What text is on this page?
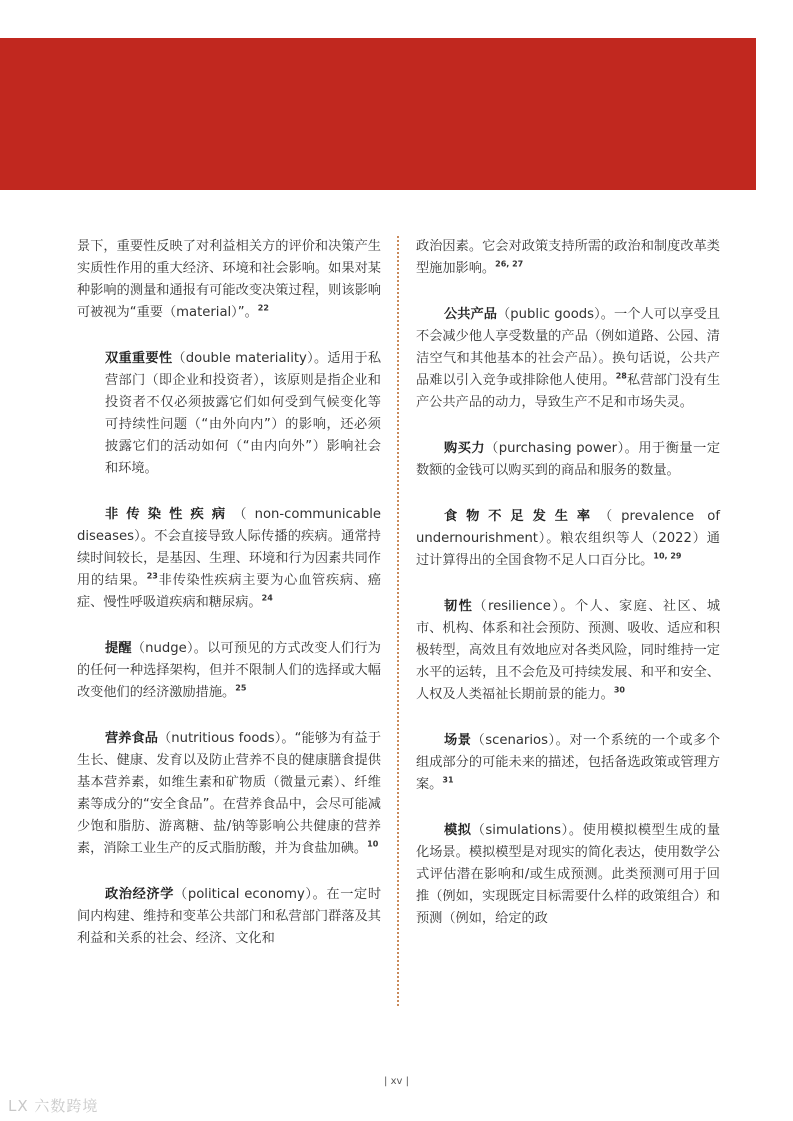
景下，重要性反映了对利益相关方的评价和决策产生实质性作用的重大经济、环境和社会影响。如果对某种影响的测量和通报有可能改变决策过程，则该影响可被视为“重要（material）”。$^{22}$

双重重要性（double materiality）。适用于私营部门（即企业和投资者），该原则是指企业和投资者不仅必须披露它们如何受到气候变化等可持续性问题（“由外向内”）的影响，还必须披露它们的活动如何（“由内向外”）影响社会和环境。

非传染性疾病（non-communicable diseases）。不会直接导致人际传播的疾病。通常持续时间较长，是基因、生理、环境和行为因素共同作用的结果。$^{23}$非传染性疾病主要为心血管疾病、癌症、慢性呼吸道疾病和糖尿病。$^{24}$

提醒（nudge）。以可预见的方式改变人们行为的任何一种选择架构，但并不限制人们的选择或大幅改变他们的经济激励措施。$^{25}$

营养食品（nutritious foods）。“能够为有益于生长、健康、发育以及防止营养不良的健康膳食提供基本营养素，如维生素和矿物质（微量元素）、纤维素等成分的“安全食品”。在营养食品中，会尽可能减少饱和脂肪、游离糖、盐/钠等影响公共健康的营养素，消除工业生产的反式脂肪酸，并为食盐加碘。$^{10}$

政治经济学（political economy）。在一定时间内构建、维持和变革公共部门和私营部门群落及其利益和关系的社会、经济、文化和

政治因素。它会对政策支持所需的政治和制度改革类型施加影响。$^{26, 27}$

公共产品（public goods）。一个人可以享受且不会减少他人享受数量的产品（例如道路、公园、清洁空气和其他基本的社会产品）。换句话说，公共产品难以引入竞争或排除他人使用。$^{28}$私营部门没有生产公共产品的动力，导致生产不足和市场失灵。

购买力（purchasing power）。用于衡量一定数额的金钱可以购买到的商品和服务的数量。

食物不足发生率（prevalence of undernourishment）。粮农组织等人（2022）通过计算得出的全国食物不足人口百分比。$^{10, 29}$

韧性（resilience）。个人、家庭、社区、城市、机构、体系和社会预防、预测、吸收、适应和积极转型，高效且有效地应对各类风险，同时维持一定水平的运转，且不会危及可持续发展、和平和安全、人权及人类福祉长期前景的能力。$^{30}$

场景（scenarios）。对一个系统的一个或多个组成部分的可能未来的描述，包括备选政策或管理方案。$^{31}$

模拟（simulations）。使用模拟模型生成的量化场景。模拟模型是对现实的简化表达，使用数学公式评估潜在影响和/或生成预测。此类预测可用于回推（例如，实现既定目标需要什么样的政策组合）和预测（例如，给定的政

| xv |
LX 六数跨境
